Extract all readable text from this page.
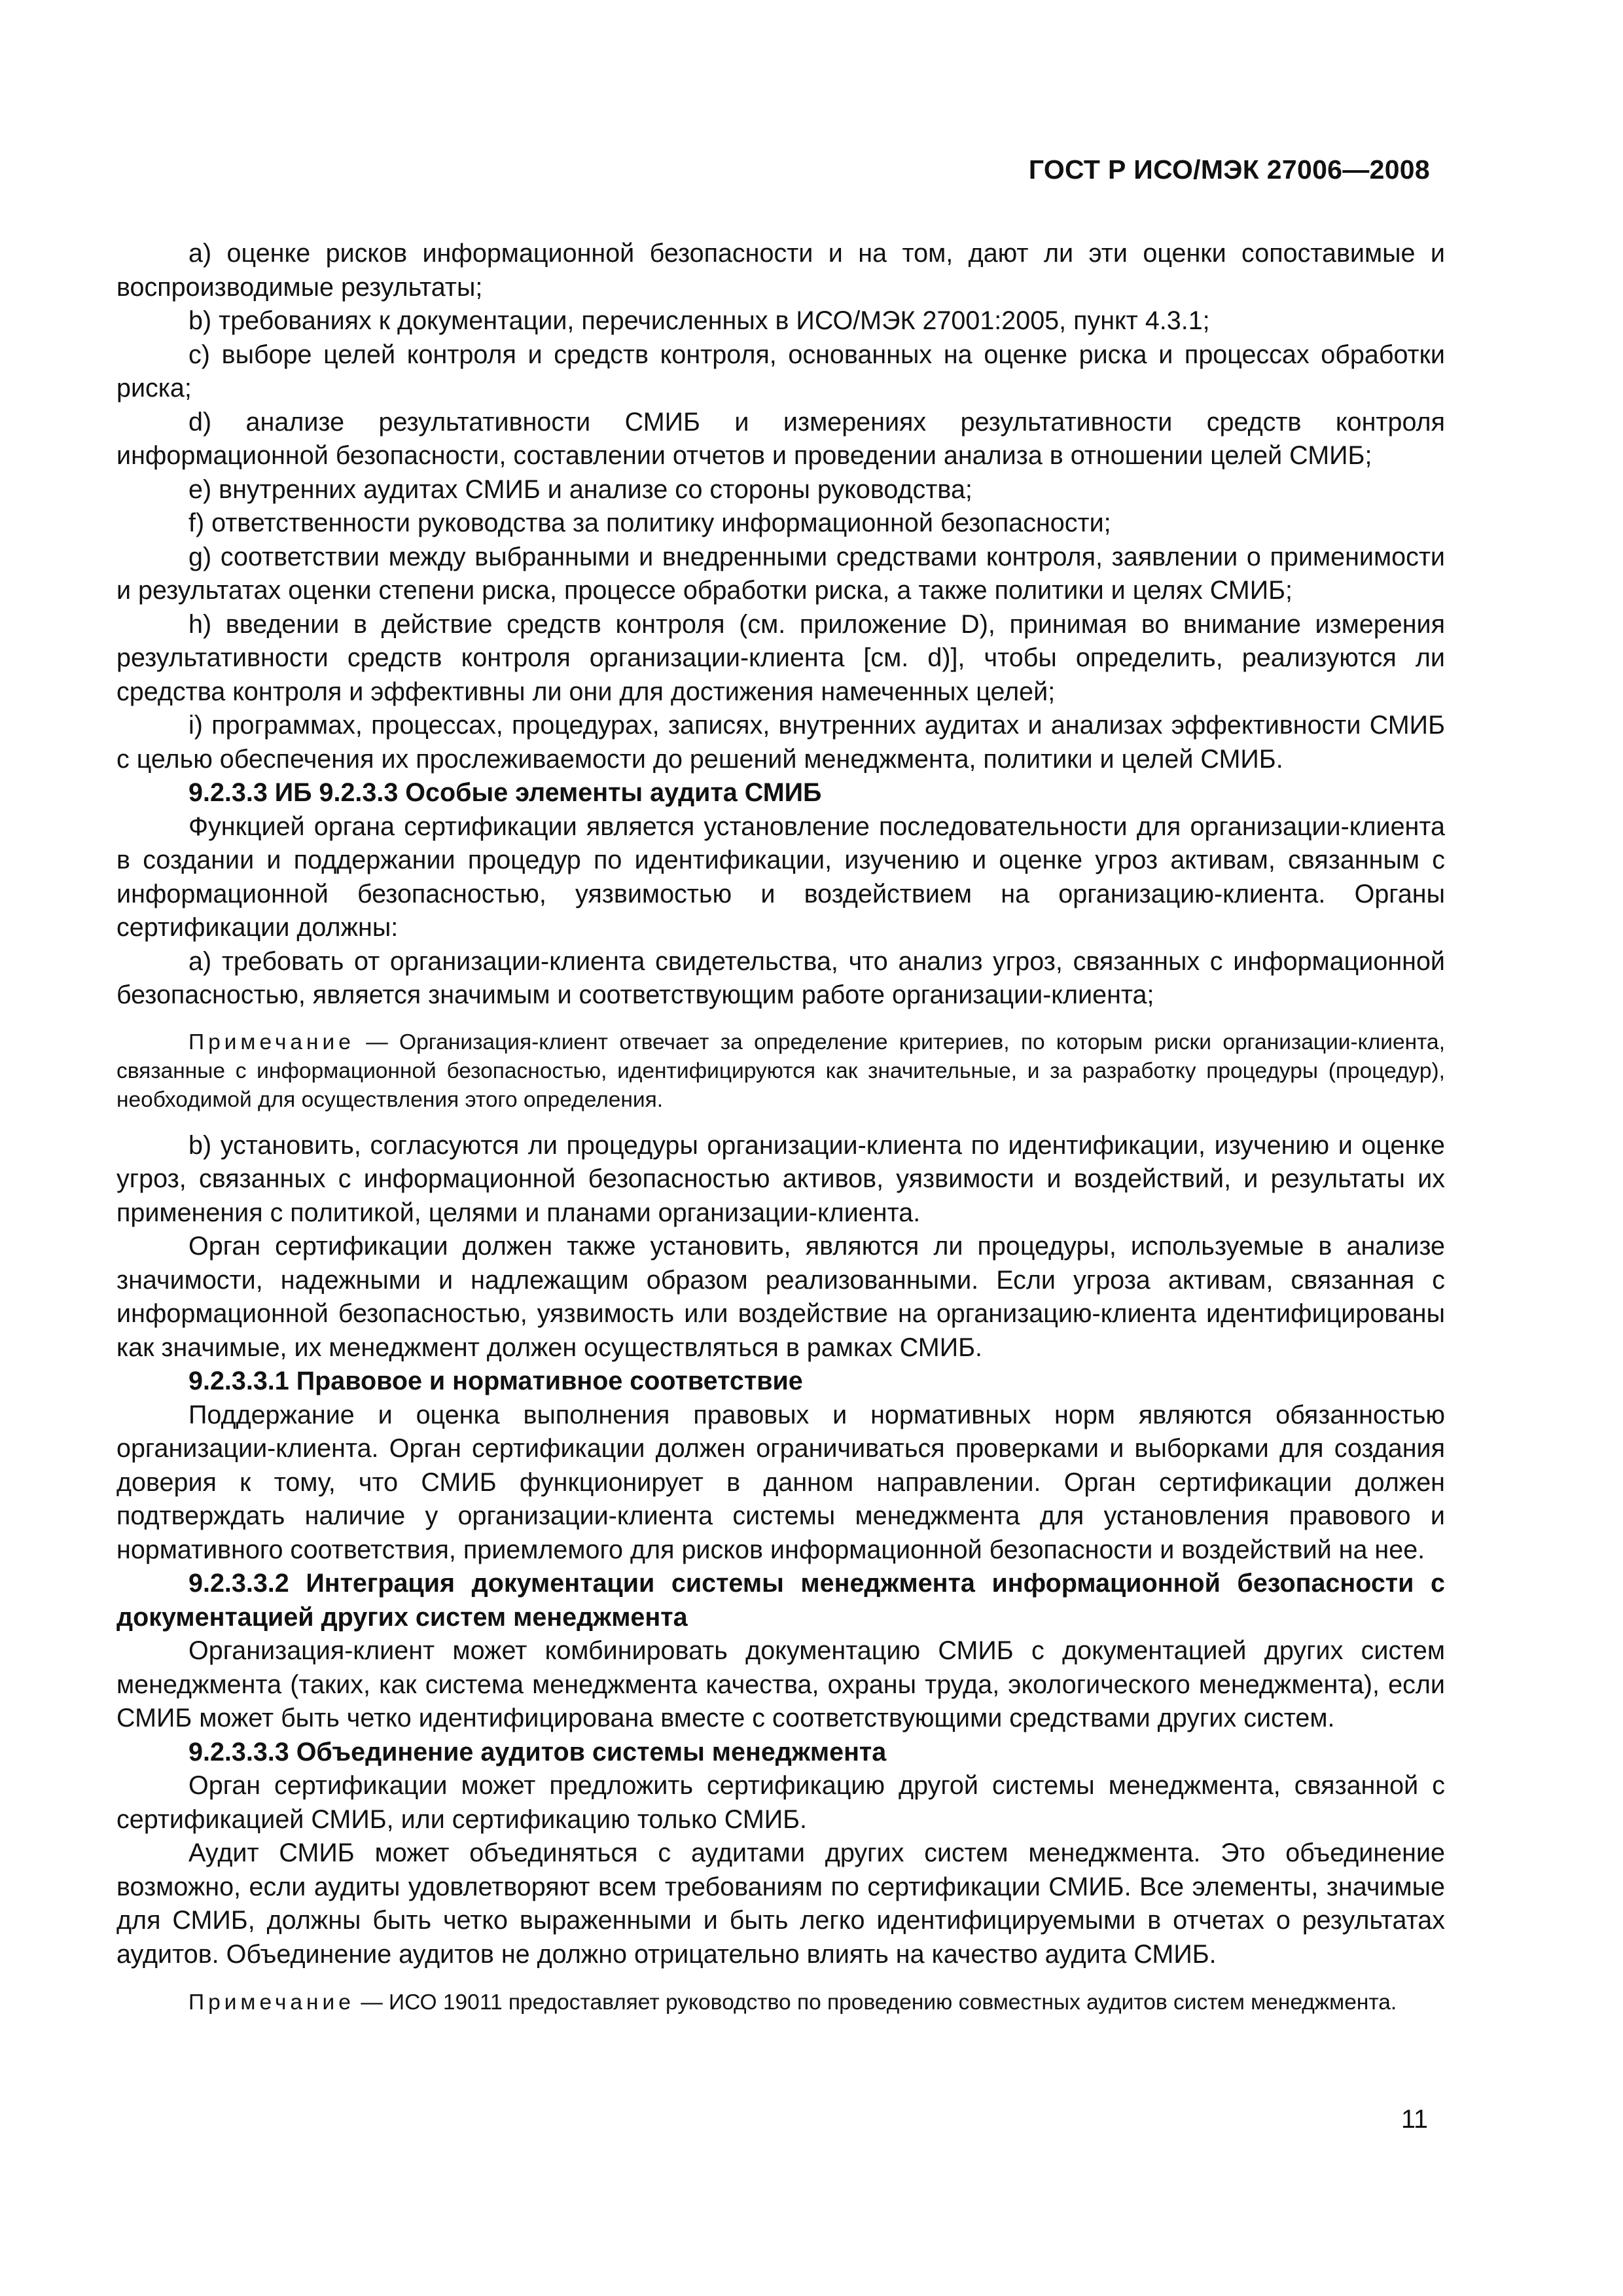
ГОСТ Р ИСО/МЭК 27006—2008

а) оценке рисков информационной безопасности и на том, дают ли эти оценки сопоставимые и воспроизводимые результаты;

b) требованиях к документации, перечисленных в ИСО/МЭК 27001:2005, пункт 4.3.1;

с) выборе целей контроля и средств контроля, основанных на оценке риска и процессах обработки риска;

d) анализе результативности СМИБ и измерениях результативности средств контроля информационной безопасности, составлении отчетов и проведении анализа в отношении целей СМИБ;

e) внутренних аудитах СМИБ и анализе со стороны руководства;

f) ответственности руководства за политику информационной безопасности;

g) соответствии между выбранными и внедренными средствами контроля, заявлении о применимости и результатах оценки степени риска, процессе обработки риска, а также политики и целях СМИБ;

h) введении в действие средств контроля (см. приложение D), принимая во внимание измерения результативности средств контроля организации-клиента [см. d)], чтобы определить, реализуются ли средства контроля и эффективны ли они для достижения намеченных целей;

i) программах, процессах, процедурах, записях, внутренних аудитах и анализах эффективности СМИБ с целью обеспечения их прослеживаемости до решений менеджмента, политики и целей СМИБ.

9.2.3.3 ИБ 9.2.3.3 Особые элементы аудита СМИБ

Функцией органа сертификации является установление последовательности для организации-клиента в создании и поддержании процедур по идентификации, изучению и оценке угроз активам, связанным с информационной безопасностью, уязвимостью и воздействием на организацию-клиента. Органы сертификации должны:

а) требовать от организации-клиента свидетельства, что анализ угроз, связанных с информационной безопасностью, является значимым и соответствующим работе организации-клиента;

Примечание — Организация-клиент отвечает за определение критериев, по которым риски организации-клиента, связанные с информационной безопасностью, идентифицируются как значительные, и за разработку процедуры (процедур), необходимой для осуществления этого определения.

b) установить, согласуются ли процедуры организации-клиента по идентификации, изучению и оценке угроз, связанных с информационной безопасностью активов, уязвимости и воздействий, и результаты их применения с политикой, целями и планами организации-клиента.

Орган сертификации должен также установить, являются ли процедуры, используемые в анализе значимости, надежными и надлежащим образом реализованными. Если угроза активам, связанная с информационной безопасностью, уязвимость или воздействие на организацию-клиента идентифицированы как значимые, их менеджмент должен осуществляться в рамках СМИБ.

9.2.3.3.1 Правовое и нормативное соответствие

Поддержание и оценка выполнения правовых и нормативных норм являются обязанностью организации-клиента. Орган сертификации должен ограничиваться проверками и выборками для создания доверия к тому, что СМИБ функционирует в данном направлении. Орган сертификации должен подтверждать наличие у организации-клиента системы менеджмента для установления правового и нормативного соответствия, приемлемого для рисков информационной безопасности и воздействий на нее.

9.2.3.3.2 Интеграция документации системы менеджмента информационной безопасности с документацией других систем менеджмента

Организация-клиент может комбинировать документацию СМИБ с документацией других систем менеджмента (таких, как система менеджмента качества, охраны труда, экологического менеджмента), если СМИБ может быть четко идентифицирована вместе с соответствующими средствами других систем.

9.2.3.3.3 Объединение аудитов системы менеджмента

Орган сертификации может предложить сертификацию другой системы менеджмента, связанной с сертификацией СМИБ, или сертификацию только СМИБ.

Аудит СМИБ может объединяться с аудитами других систем менеджмента. Это объединение возможно, если аудиты удовлетворяют всем требованиям по сертификации СМИБ. Все элементы, значимые для СМИБ, должны быть четко выраженными и быть легко идентифицируемыми в отчетах о результатах аудитов. Объединение аудитов не должно отрицательно влиять на качество аудита СМИБ.

Примечание — ИСО 19011 предоставляет руководство по проведению совместных аудитов систем менеджмента.

11
